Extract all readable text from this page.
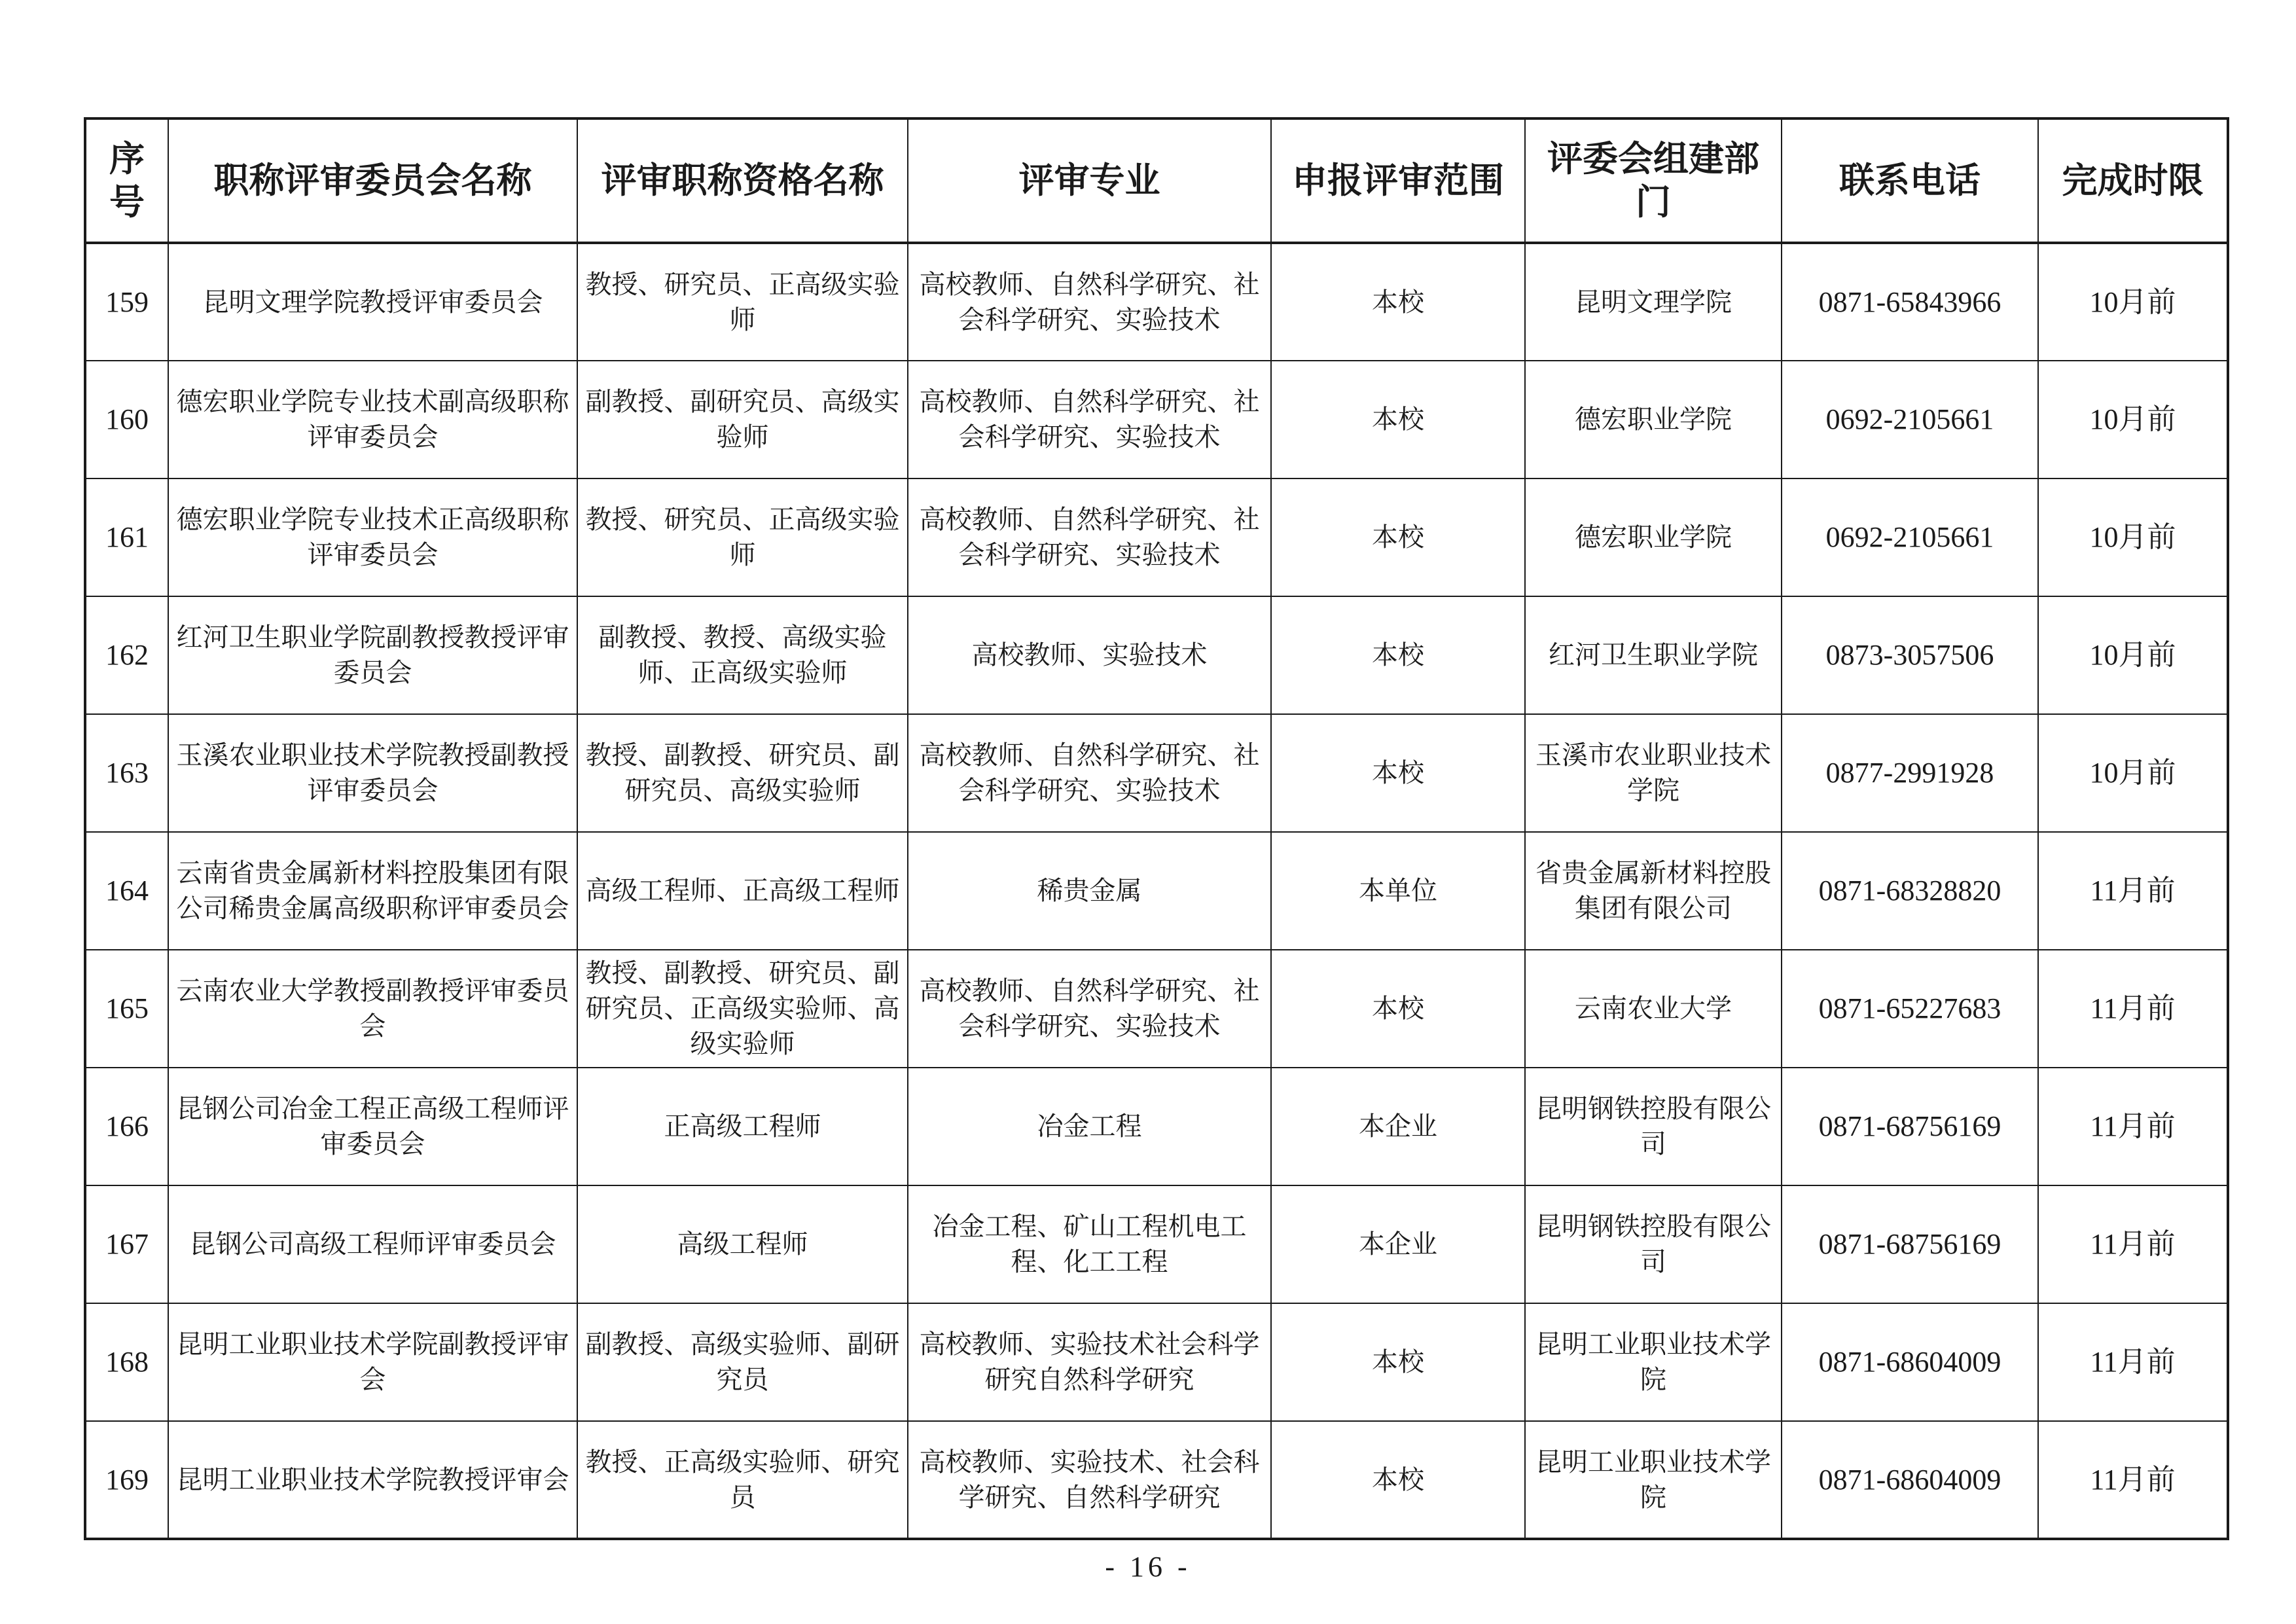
序号	职称评审委员会名称	评审职称资格名称	评审专业	申报评审范围	评委会组建部门	联系电话	完成时限
159	昆明文理学院教授评审委员会	教授、研究员、正高级实验师	高校教师、自然科学研究、社会科学研究、实验技术	本校	昆明文理学院	0871-65843966	10月前
160	德宏职业学院专业技术副高级职称评审委员会	副教授、副研究员、高级实验师	高校教师、自然科学研究、社会科学研究、实验技术	本校	德宏职业学院	0692-2105661	10月前
161	德宏职业学院专业技术正高级职称评审委员会	教授、研究员、正高级实验师	高校教师、自然科学研究、社会科学研究、实验技术	本校	德宏职业学院	0692-2105661	10月前
162	红河卫生职业学院副教授教授评审委员会	副教授、教授、高级实验师、正高级实验师	高校教师、实验技术	本校	红河卫生职业学院	0873-3057506	10月前
163	玉溪农业职业技术学院教授副教授评审委员会	教授、副教授、研究员、副研究员、高级实验师	高校教师、自然科学研究、社会科学研究、实验技术	本校	玉溪市农业职业技术学院	0877-2991928	10月前
164	云南省贵金属新材料控股集团有限公司稀贵金属高级职称评审委员会	高级工程师、正高级工程师	稀贵金属	本单位	省贵金属新材料控股集团有限公司	0871-68328820	11月前
165	云南农业大学教授副教授评审委员会	教授、副教授、研究员、副研究员、正高级实验师、高级实验师	高校教师、自然科学研究、社会科学研究、实验技术	本校	云南农业大学	0871-65227683	11月前
166	昆钢公司冶金工程正高级工程师评审委员会	正高级工程师	冶金工程	本企业	昆明钢铁控股有限公司	0871-68756169	11月前
167	昆钢公司高级工程师评审委员会	高级工程师	冶金工程、矿山工程机电工程、化工工程	本企业	昆明钢铁控股有限公司	0871-68756169	11月前
168	昆明工业职业技术学院副教授评审会	副教授、高级实验师、副研究员	高校教师、实验技术社会科学研究自然科学研究	本校	昆明工业职业技术学院	0871-68604009	11月前
169	昆明工业职业技术学院教授评审会	教授、正高级实验师、研究员	高校教师、实验技术、社会科学研究、自然科学研究	本校	昆明工业职业技术学院	0871-68604009	11月前
- 16 -
